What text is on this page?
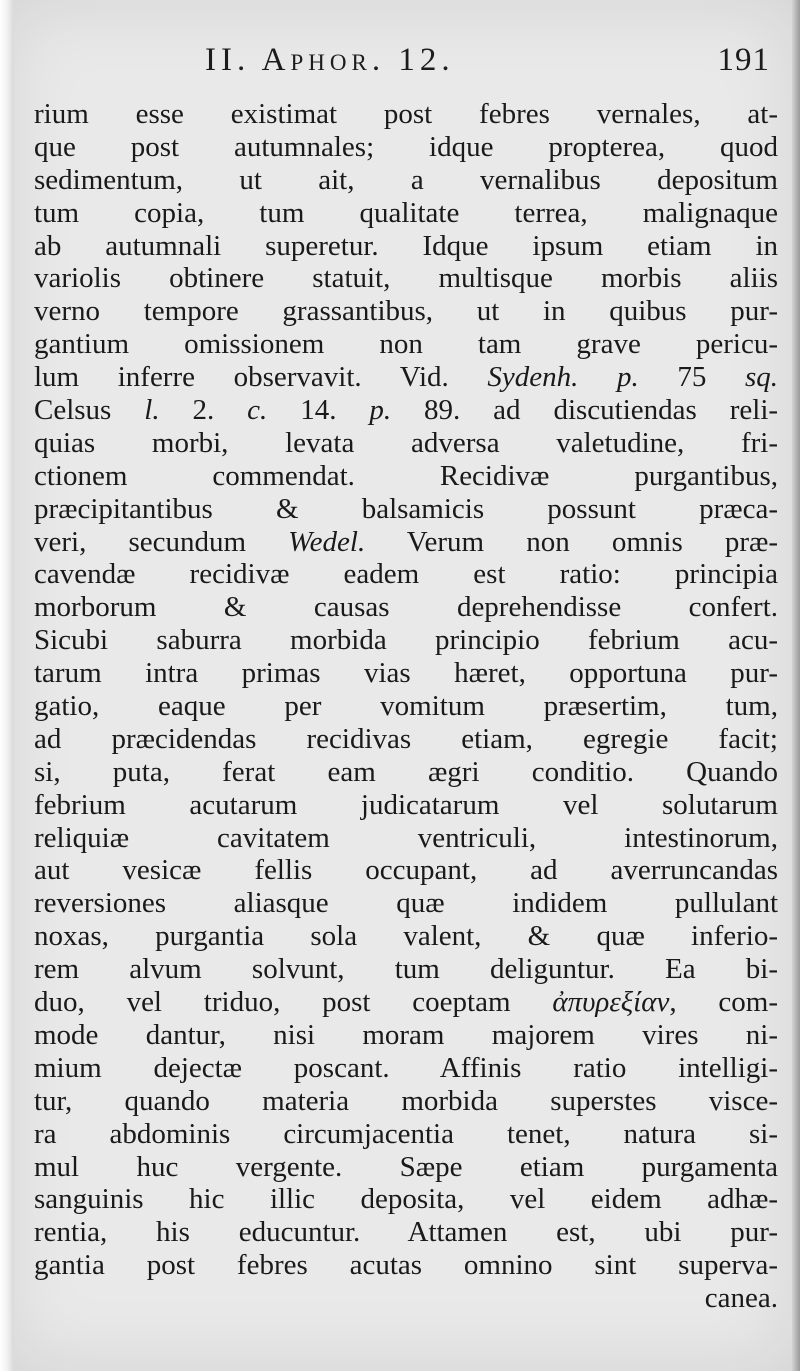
II. Aphor. 12.	191
rium esse existimat post febres vernales, at-
que post autumnales; idque propterea, quod
sedimentum, ut ait, a vernalibus depositum
tum copia, tum qualitate terrea, malignaque
ab autumnali superetur. Idque ipsum etiam in
variolis obtinere statuit, multisque morbis aliis
verno tempore grassantibus, ut in quibus pur-
gantium omissionem non tam grave pericu-
lum inferre observavit. Vid. Sydenh. p. 75 sq.
Celsus l. 2. c. 14. p. 89. ad discutiendas reli-
quias morbi, levata adversa valetudine, fri-
ctionem commendat. Recidivæ purgantibus,
præcipitantibus & balsamicis possunt præca-
veri, secundum Wedel. Verum non omnis præ-
cavendæ recidivæ eadem est ratio: principia
morborum & causas deprehendisse confert.
Sicubi saburra morbida principio febrium acu-
tarum intra primas vias hæret, opportuna pur-
gatio, eaque per vomitum præsertim, tum,
ad præcidendas recidivas etiam, egregie facit;
si, puta, ferat eam ægri conditio. Quando
febrium acutarum judicatarum vel solutarum
reliquiæ cavitatem ventriculi, intestinorum,
aut vesicæ fellis occupant, ad averruncandas
reversiones aliasque quæ indidem pullulant
noxas, purgantia sola valent, & quæ inferio-
rem alvum solvunt, tum deliguntur. Ea bi-
duo, vel triduo, post coeptam ἀπυρεξίαν, com-
mode dantur, nisi moram majorem vires ni-
mium dejectæ poscant. Affinis ratio intelligi-
tur, quando materia morbida superstes visce-
ra abdominis circumjacentia tenet, natura si-
mul huc vergente. Sæpe etiam purgamenta
sanguinis hic illic deposita, vel eidem adhæ-
rentia, his educuntur. Attamen est, ubi pur-
gantia post febres acutas omnino sint superva-
canea.
